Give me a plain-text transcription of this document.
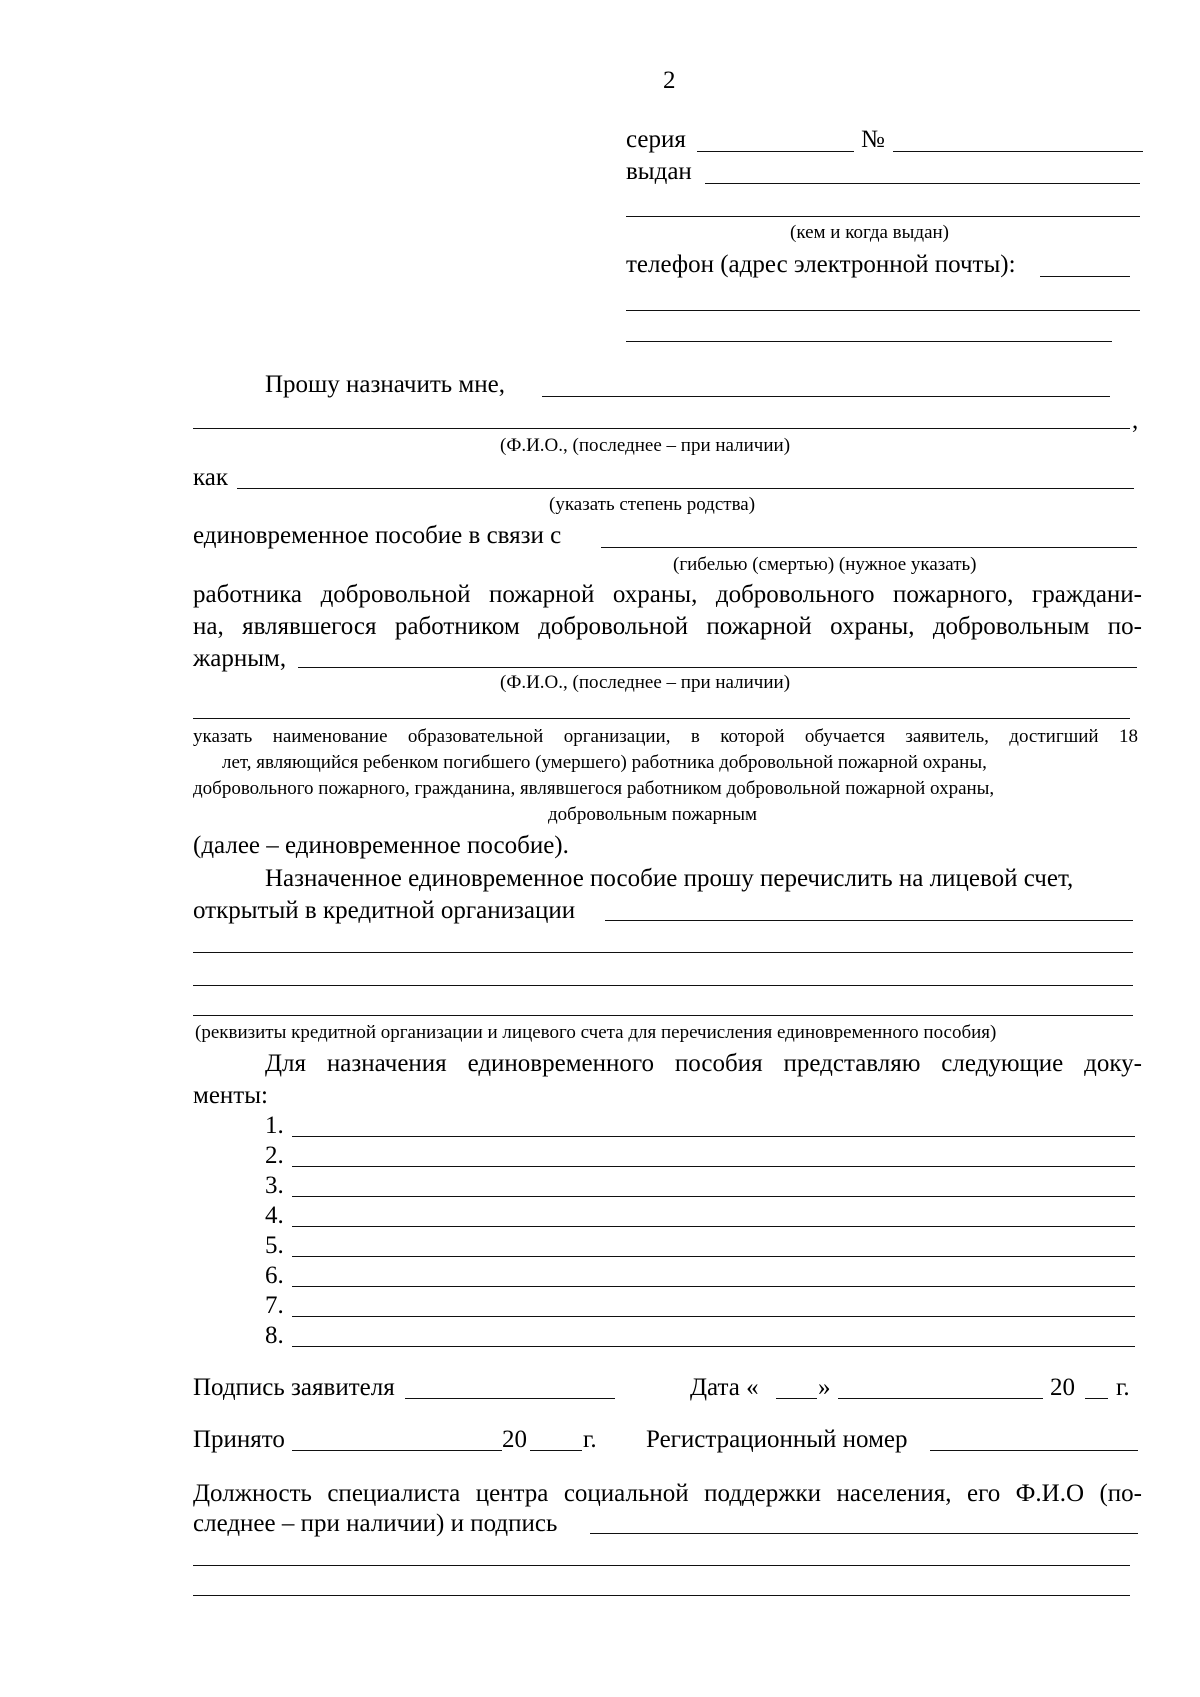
2
серия	№
выдан
(кем и когда выдан)
телефон (адрес электронной почты):
Прошу назначить мне,
,
(Ф.И.О., (последнее – при наличии)
как
(указать степень родства)
единовременное пособие в связи с
(гибелью (смертью) (нужное указать)
работника добровольной пожарной охраны, добровольного пожарного, граждани-
на, являвшегося работником добровольной пожарной охраны, добровольным по-
жарным,
(Ф.И.О., (последнее – при наличии)
указать наименование образовательной организации, в которой обучается заявитель, достигший 18
лет, являющийся ребенком погибшего (умершего) работника добровольной пожарной охраны,
добровольного пожарного, гражданина, являвшегося работником добровольной пожарной охраны,
добровольным пожарным
(далее – единовременное пособие).
Назначенное единовременное пособие прошу перечислить на лицевой счет,
открытый в кредитной организации
(реквизиты кредитной организации и лицевого счета для перечисления единовременного пособия)
Для назначения единовременного пособия представляю следующие доку-
менты:
1.
2.
3.
4.
5.
6.
7.
8.
Подпись заявителя	Дата « »	20 г.
Принято	20 г. Регистрационный номер
Должность специалиста центра социальной поддержки населения, его Ф.И.О (по-
следнее – при наличии) и подпись
